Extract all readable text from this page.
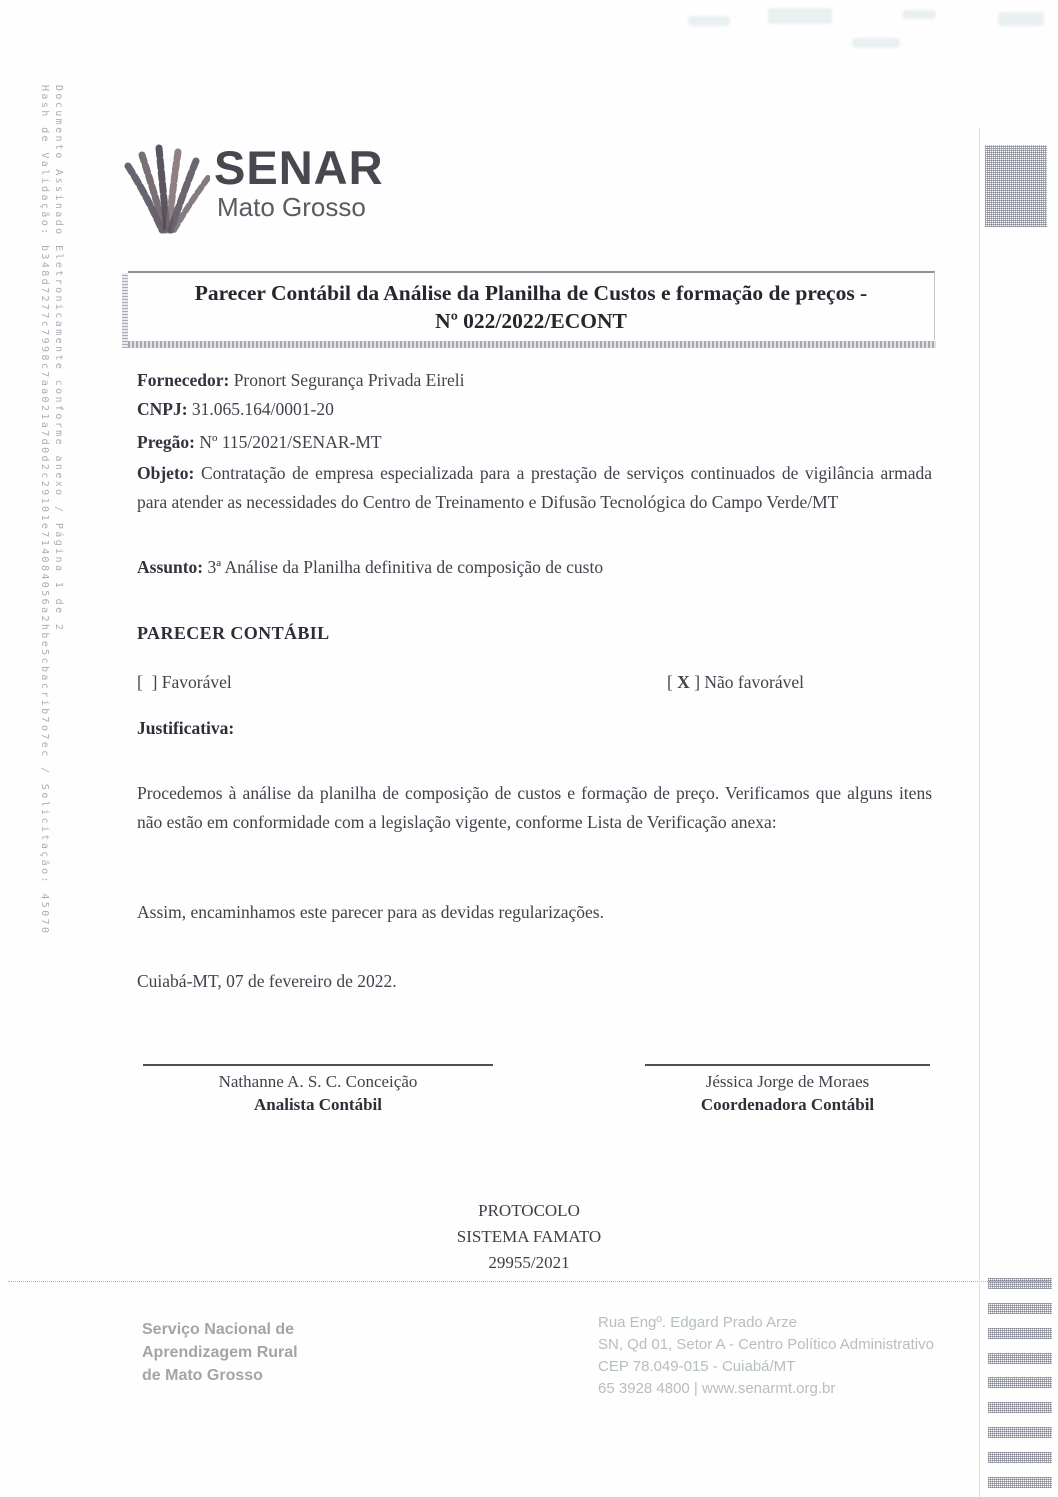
Documento Assinado Eletronicamente conforme anexo / Página 1 de 2
Hash de Validação: b348d7277c7998c7aa021a7d0d2c29101e714084056a2hbe5cbacrib7o7ec / Solicitação: 45070	SENAR
Mato Grosso

Parecer Contábil da Análise da Planilha de Custos e formação de preços -

Nº 022/2022/ECONT

Fornecedor: Pronort Segurança Privada Eireli

CNPJ: 31.065.164/0001-20

Pregão: Nº 115/2021/SENAR-MT

Objeto: Contratação de empresa especializada para a prestação de serviços continuados de vigilância armada para atender as necessidades do Centro de Treinamento e Difusão Tecnológica do Campo Verde/MT

Assunto: 3ª Análise da Planilha definitiva de composição de custo

PARECER CONTÁBIL

[ ] Favorável	[ X ] Não favorável

Justificativa:

Procedemos à análise da planilha de composição de custos e formação de preço. Verificamos que alguns itens não estão em conformidade com a legislação vigente, conforme Lista de Verificação anexa:

Assim, encaminhamos este parecer para as devidas regularizações.

Cuiabá-MT, 07 de fevereiro de 2022.

Nathanne A. S. C. Conceição
Analista Contábil
Jéssica Jorge de Moraes
Coordenadora Contábil
PROTOCOLO
SISTEMA FAMATO
29955/2021
Serviço Nacional de
Aprendizagem Rural
de Mato Grosso
Rua Engº. Edgard Prado Arze
SN, Qd 01, Setor A - Centro Político Administrativo
CEP 78.049-015 - Cuiabá/MT
65 3928 4800 | www.senarmt.org.br
